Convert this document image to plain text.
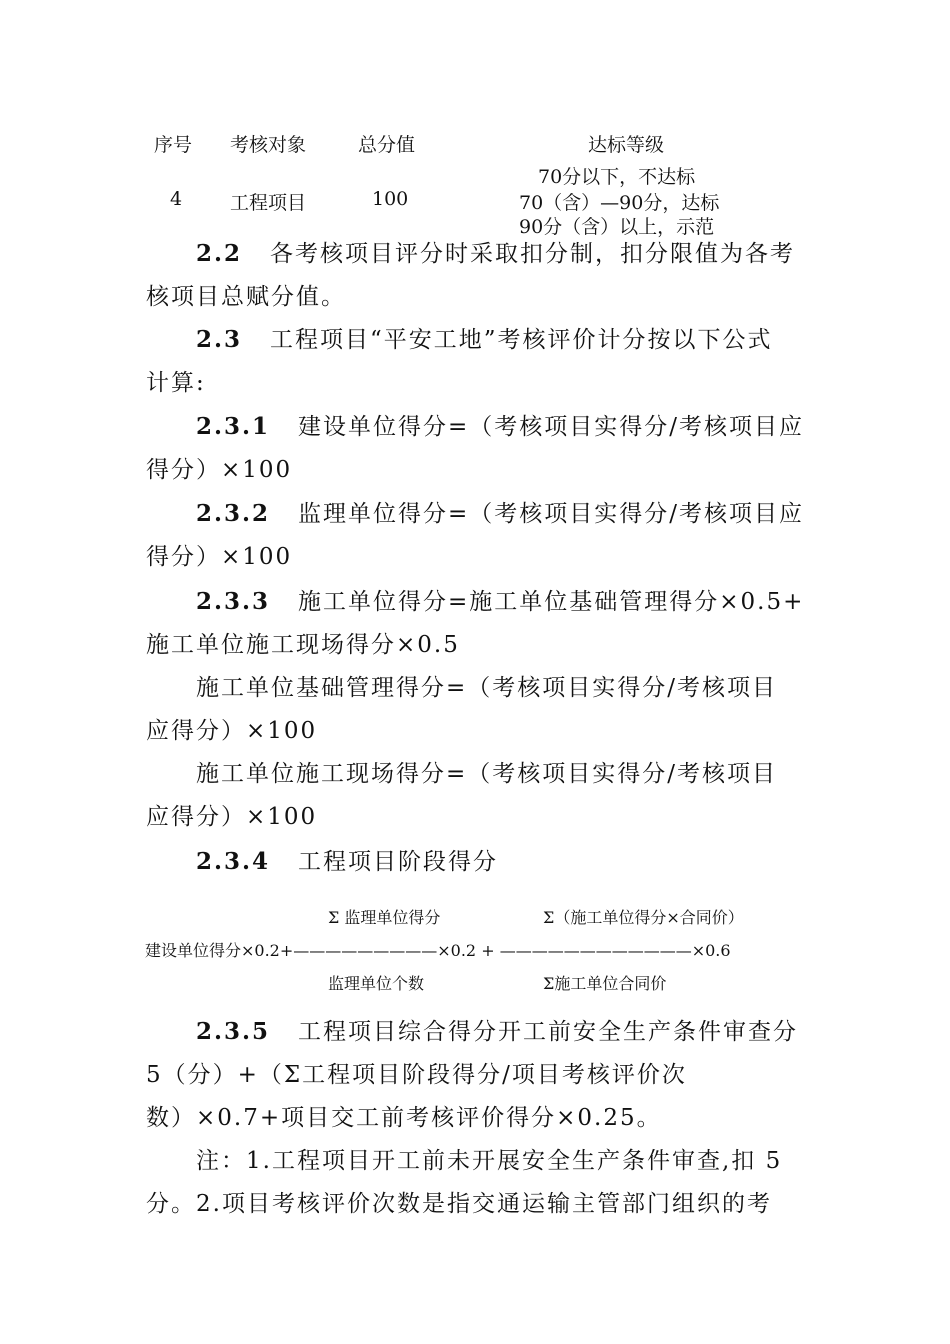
序号 考核对象	总分值	达标等级
4	工程项目	100
70分以下，不达标
70（含）—90分，达标
90分（含）以上，示范
2.2 各考核项目评分时采取扣分制，扣分限值为各考
核项目总赋分值。
2.3 工程项目“平安工地”考核评价计分按以下公式
计算:
2.3.1 建设单位得分=（考核项目实得分/考核项目应
得分）×100
2.3.2 监理单位得分=（考核项目实得分/考核项目应
得分）×100
2.3.3 施工单位得分=施工单位基础管理得分×0.5+
施工单位施工现场得分×0.5
施工单位基础管理得分=（考核项目实得分/考核项目
应得分）×100
施工单位施工现场得分=（考核项目实得分/考核项目
应得分）×100
2.3.4 工程项目阶段得分
Σ 监理单位得分	Σ（施工单位得分×合同价）
建设单位得分×0.2+—————————×0.2 + ————————————×0.6
监理单位个数	Σ施工单位合同价
2.3.5 工程项目综合得分开工前安全生产条件审查分
5（分）+（Σ工程项目阶段得分/项目考核评价次
数）×0.7+项目交工前考核评价得分×0.25。
注：1.工程项目开工前未开展安全生产条件审查,扣 5
分。2.项目考核评价次数是指交通运输主管部门组织的考
